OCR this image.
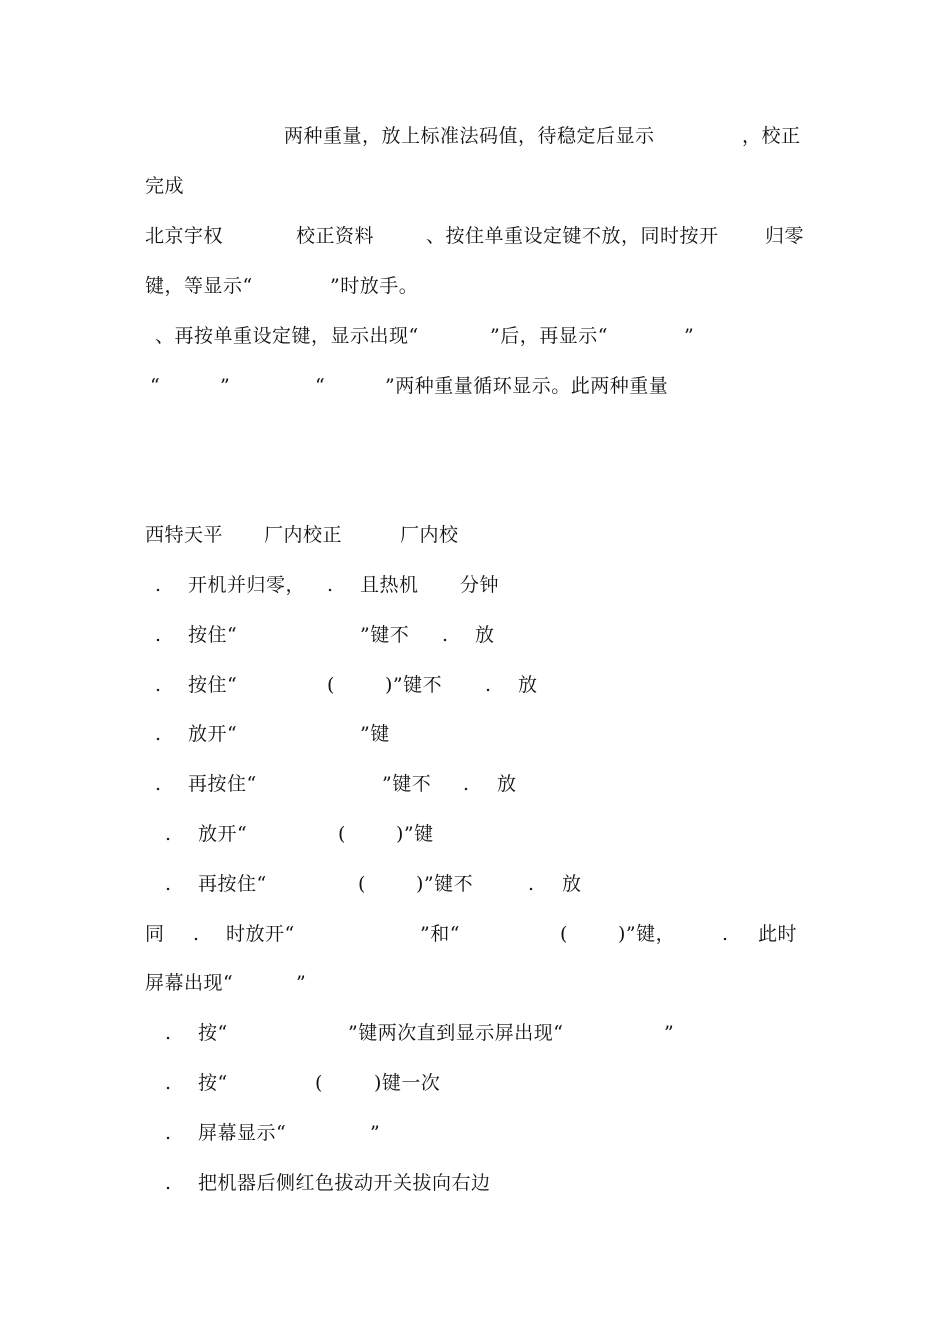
两种重量，放上标准法码值，待稳定后显示	，校正
完成
北京宇权	校正资料	、按住单重设定键不放，同时按开 归零
键，等显示“	”时放手。
、再按单重设定键，显示出现“	”后，再显示“	”
“	”	“	”两种重量循环显示。此两种重量
西特天平 厂内校正	厂内校
. 开机并归零， . 且热机 分钟
. 按住“	”键不 . 放
. 按住“	(	)”键不 . 放
. 放开“	”键
. 再按住“	”键不 . 放
. 放开“	(	)”键
. 再按住“	(	)”键不	. 放
同 . 时放开“	”和“	(	)”键， . 此时
屏幕出现“	”
. 按“	”键两次直到显示屏出现“	”
. 按“	(	)键一次
. 屏幕显示“	”
. 把机器后侧红色拔动开关拔向右边
